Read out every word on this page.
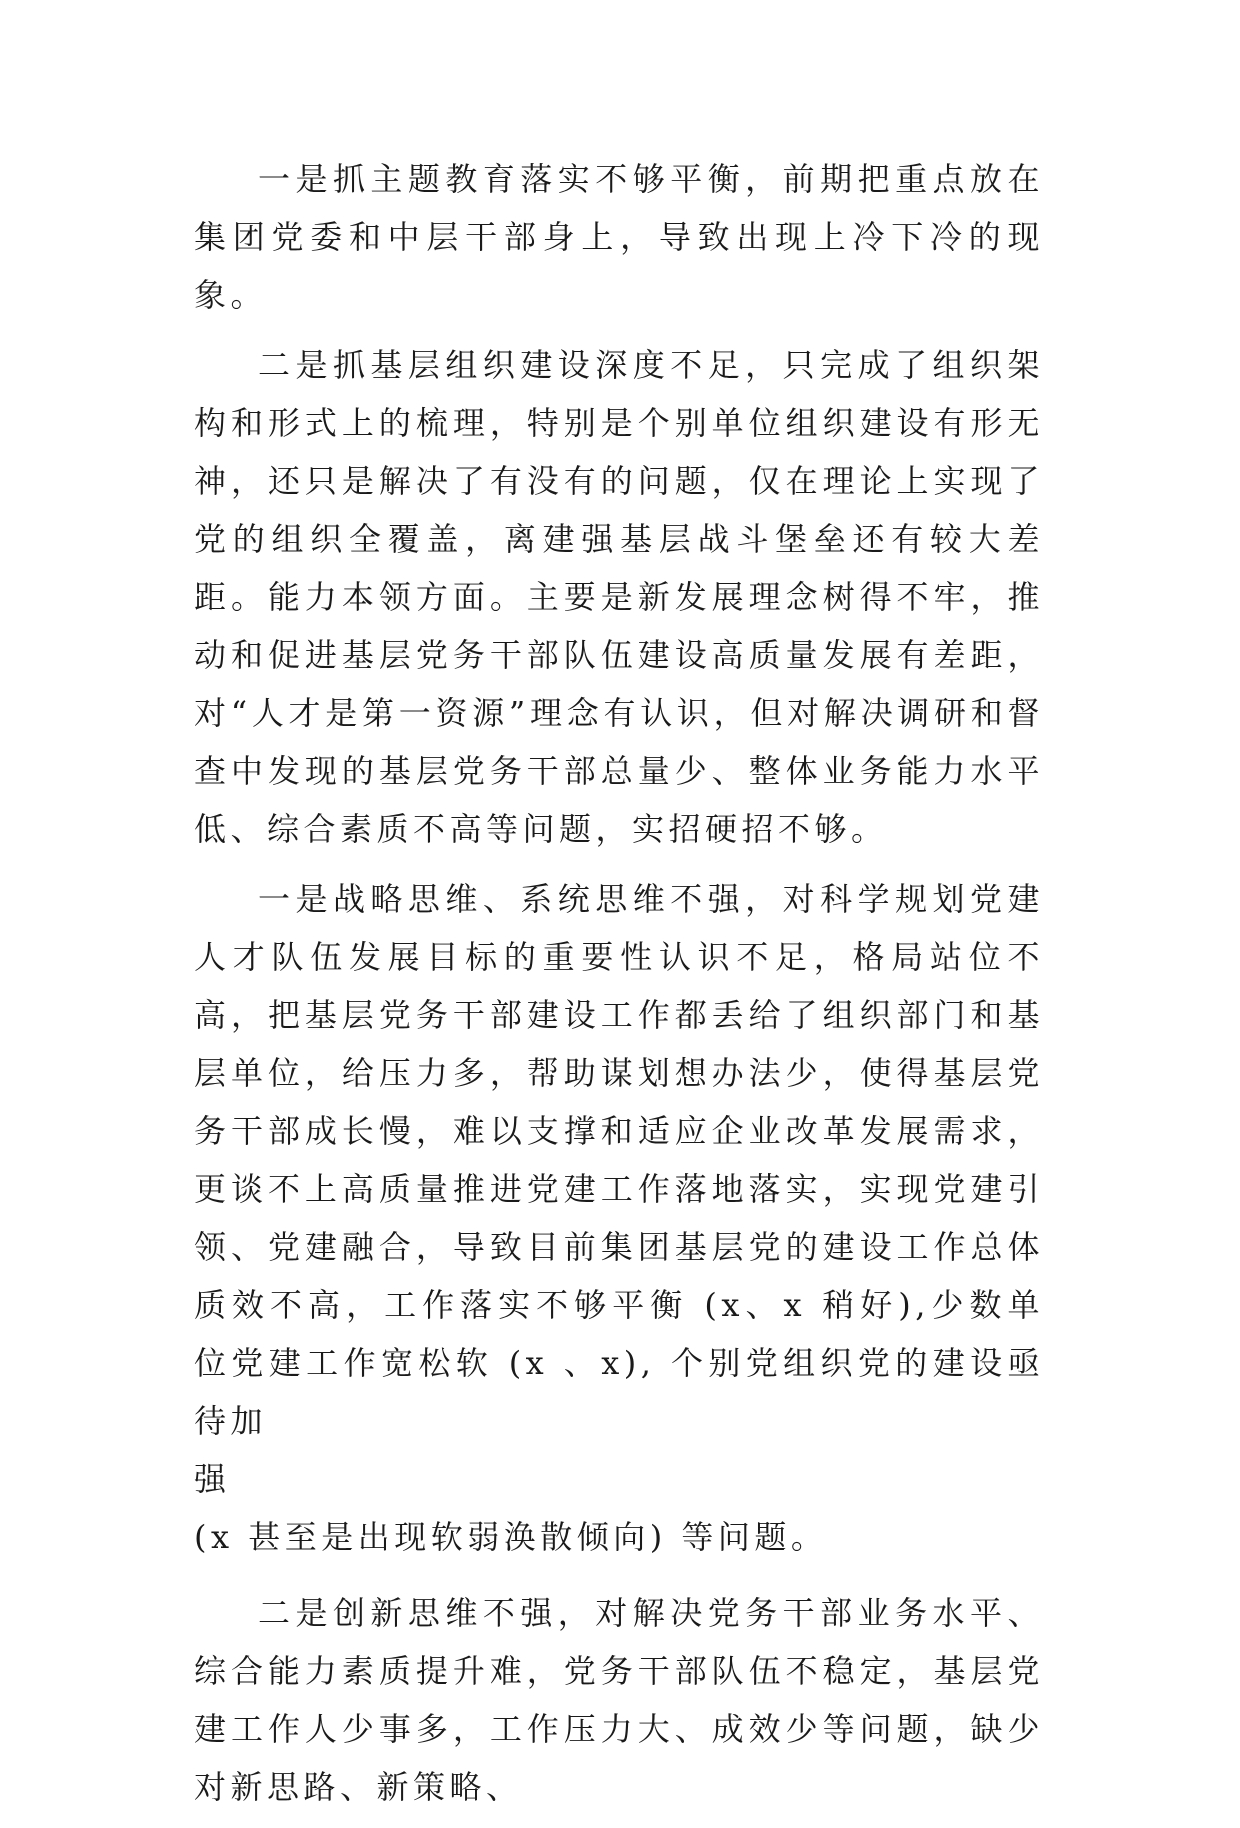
一是抓主题教育落实不够平衡，前期把重点放在集团党委和中层干部身上，导致出现上冷下冷的现象。

二是抓基层组织建设深度不足，只完成了组织架构和形式上的梳理，特别是个别单位组织建设有形无神，还只是解决了有没有的问题，仅在理论上实现了党的组织全覆盖，离建强基层战斗堡垒还有较大差距。能力本领方面。主要是新发展理念树得不牢，推动和促进基层党务干部队伍建设高质量发展有差距，对“人才是第一资源”理念有认识，但对解决调研和督查中发现的基层党务干部总量少、整体业务能力水平低、综合素质不高等问题，实招硬招不够。

一是战略思维、系统思维不强，对科学规划党建人才队伍发展目标的重要性认识不足，格局站位不高，把基层党务干部建设工作都丢给了组织部门和基层单位，给压力多，帮助谋划想办法少，使得基层党务干部成长慢，难以支撑和适应企业改革发展需求，更谈不上高质量推进党建工作落地落实，实现党建引领、党建融合，导致目前集团基层党的建设工作总体质效不高，工作落实不够平衡 (x、x 稍好),少数单位党建工作宽松软 (x 、x), 个别党组织党的建设亟待加

强

(x 甚至是出现软弱涣散倾向) 等问题。

二是创新思维不强，对解决党务干部业务水平、综合能力素质提升难，党务干部队伍不稳定，基层党建工作人少事多，工作压力大、成效少等问题，缺少对新思路、新策略、
